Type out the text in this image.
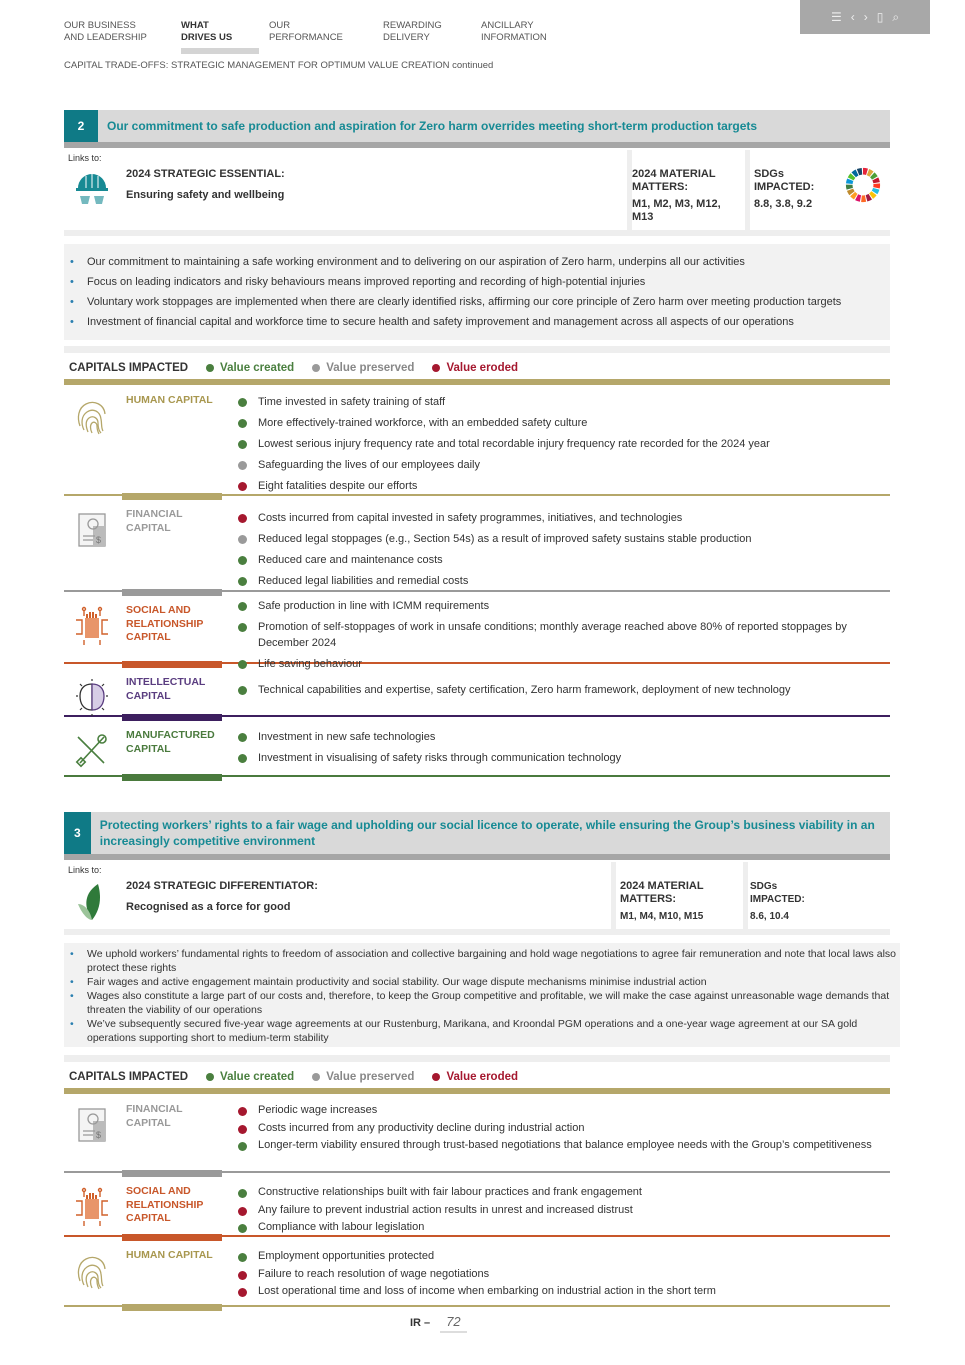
OUR BUSINESS
AND LEADERSHIP
WHAT
DRIVES US
OUR
PERFORMANCE
REWARDING
DELIVERY
ANCILLARY
INFORMATION
☰ ‹ › ▯ ⌕
CAPITAL TRADE-OFFS: STRATEGIC MANAGEMENT FOR OPTIMUM VALUE CREATION continued
2	Our commitment to safe production and aspiration for Zero harm overrides meeting short-term production targets
Links to:
2024 STRATEGIC ESSENTIAL:
Ensuring safety and wellbeing
2024 MATERIAL MATTERS:
M1, M2, M3, M12, M13
SDGs IMPACTED:
8.8, 3.8, 9.2
• Our commitment to maintaining a safe working environment and to delivering on our aspiration of Zero harm, underpins all our activities
• Focus on leading indicators and risky behaviours means improved reporting and recording of high-potential injuries
• Voluntary work stoppages are implemented when there are clearly identified risks, affirming our core principle of Zero harm over meeting production targets
• Investment of financial capital and workforce time to secure health and safety improvement and management across all aspects of our operations
CAPITALS IMPACTED	Value created	Value preserved	Value eroded
HUMAN CAPITAL	Time invested in safety training of staff
More effectively-trained workforce, with an embedded safety culture
Lowest serious injury frequency rate and total recordable injury frequency rate recorded for the 2024 year
Safeguarding the lives of our employees daily
Eight fatalities despite our efforts
$
FINANCIAL CAPITAL
Costs incurred from capital invested in safety programmes, initiatives, and technologies
Reduced legal stoppages (e.g., Section 54s) as a result of improved safety sustains stable production
Reduced care and maintenance costs
Reduced legal liabilities and remedial costs
SOCIAL AND RELATIONSHIP CAPITAL
Safe production in line with ICMM requirements
Promotion of self-stoppages of work in unsafe conditions; monthly average reached above 80% of reported stoppages by December 2024
Life saving behaviour
INTELLECTUAL CAPITAL	Technical capabilities and expertise, safety certification, Zero harm framework, deployment of new technology
MANUFACTURED CAPITAL
Investment in new safe technologies
Investment in visualising of safety risks through communication technology
3
Protecting workers’ rights to a fair wage and upholding our social licence to operate, while ensuring the Group’s business viability in an increasingly competitive environment
Links to:
2024 STRATEGIC DIFFERENTIATOR:
Recognised as a force for good
2024 MATERIAL MATTERS:
M1, M4, M10, M15
SDGs IMPACTED:
8.6, 10.4
• We uphold workers’ fundamental rights to freedom of association and collective bargaining and hold wage negotiations to agree fair remuneration and note that local laws also protect these rights
• Fair wages and active engagement maintain productivity and social stability. Our wage dispute mechanisms minimise industrial action
• Wages also constitute a large part of our costs and, therefore, to keep the Group competitive and profitable, we will make the case against unreasonable wage demands that threaten the viability of our operations
• We’ve subsequently secured five-year wage agreements at our Rustenburg, Marikana, and Kroondal PGM operations and a one-year wage agreement at our SA gold operations supporting short to medium-term stability
CAPITALS IMPACTED	Value created	Value preserved	Value eroded
$
FINANCIAL CAPITAL
Periodic wage increases
Costs incurred from any productivity decline during industrial action
Longer-term viability ensured through trust-based negotiations that balance employee needs with the Group’s competitiveness
SOCIAL AND RELATIONSHIP CAPITAL
Constructive relationships built with fair labour practices and frank engagement
Any failure to prevent industrial action results in unrest and increased distrust
Compliance with labour legislation
HUMAN CAPITAL	Employment opportunities protected
Failure to reach resolution of wage negotiations
Lost operational time and loss of income when embarking on industrial action in the short term
IR –	72
